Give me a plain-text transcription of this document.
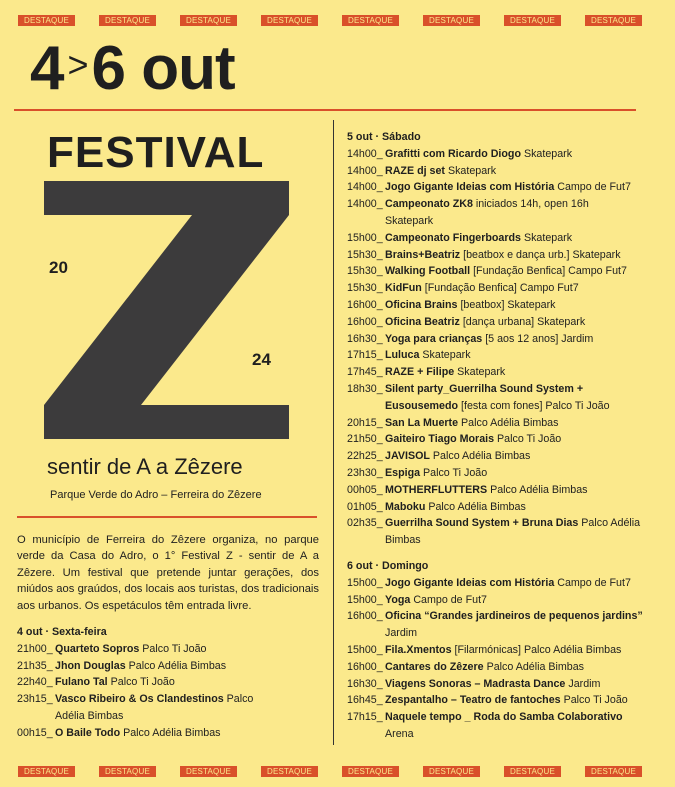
DESTAQUE	DESTAQUE	DESTAQUE	DESTAQUE	DESTAQUE	DESTAQUE	DESTAQUE	DESTAQUE
4 >6 out
FESTIVAL
20
24
sentir de A a Zêzere
Parque Verde do Adro – Ferreira do Zêzere
O município de Ferreira do Zêzere organiza, no parque verde da Casa do Adro, o 1° Festival Z - sentir de A a Zêzere. Um festival que pretende juntar gerações, dos miúdos aos graúdos, dos locais aos turistas, dos tradicionais aos urbanos. Os espetáculos têm entrada livre.
4 out · Sexta-feira
21h00_ Quarteto Sopros Palco Ti João
21h35_ Jhon Douglas Palco Adélia Bimbas
22h40_ Fulano Tal Palco Ti João
23h15_ Vasco Ribeiro & Os Clandestinos Palco Adélia Bimbas
00h15_ O Baile Todo Palco Adélia Bimbas
5 out · Sábado
14h00_ Grafitti com Ricardo Diogo Skatepark
14h00_ RAZE dj set Skatepark
14h00_ Jogo Gigante Ideias com História Campo de Fut7
14h00_ Campeonato ZK8 iniciados 14h, open 16h Skatepark
15h00_ Campeonato Fingerboards Skatepark
15h30_ Brains+Beatriz [beatbox e dança urb.] Skatepark
15h30_ Walking Football [Fundação Benfica] Campo Fut7
15h30_ KidFun [Fundação Benfica] Campo Fut7
16h00_ Oficina Brains [beatbox] Skatepark
16h00_ Oficina Beatriz [dança urbana] Skatepark
16h30_ Yoga para crianças [5 aos 12 anos] Jardim
17h15_ Luluca Skatepark
17h45_ RAZE + Filipe Skatepark
18h30_ Silent party_Guerrilha Sound System + Eusousemedo [festa com fones] Palco Ti João
20h15_ San La Muerte Palco Adélia Bimbas
21h50_ Gaiteiro Tiago Morais Palco Ti João
22h25_ JAVISOL Palco Adélia Bimbas
23h30_ Espiga Palco Ti João
00h05_ MOTHERFLUTTERS Palco Adélia Bimbas
01h05_ Maboku Palco Adélia Bimbas
02h35_ Guerrilha Sound System + Bruna Dias Palco Adélia Bimbas
6 out · Domingo
15h00_ Jogo Gigante Ideias com História Campo de Fut7
15h00_ Yoga Campo de Fut7
16h00_ Oficina “Grandes jardineiros de pequenos jardins” Jardim
15h00_ Fila.Xmentos [Filarmónicas] Palco Adélia Bimbas
16h00_ Cantares do Zêzere Palco Adélia Bimbas
16h30_ Viagens Sonoras – Madrasta Dance Jardim
16h45_ Zespantalho – Teatro de fantoches Palco Ti João
17h15_ Naquele tempo _ Roda do Samba Colaborativo Arena
DESTAQUE	DESTAQUE	DESTAQUE	DESTAQUE	DESTAQUE	DESTAQUE	DESTAQUE	DESTAQUE
